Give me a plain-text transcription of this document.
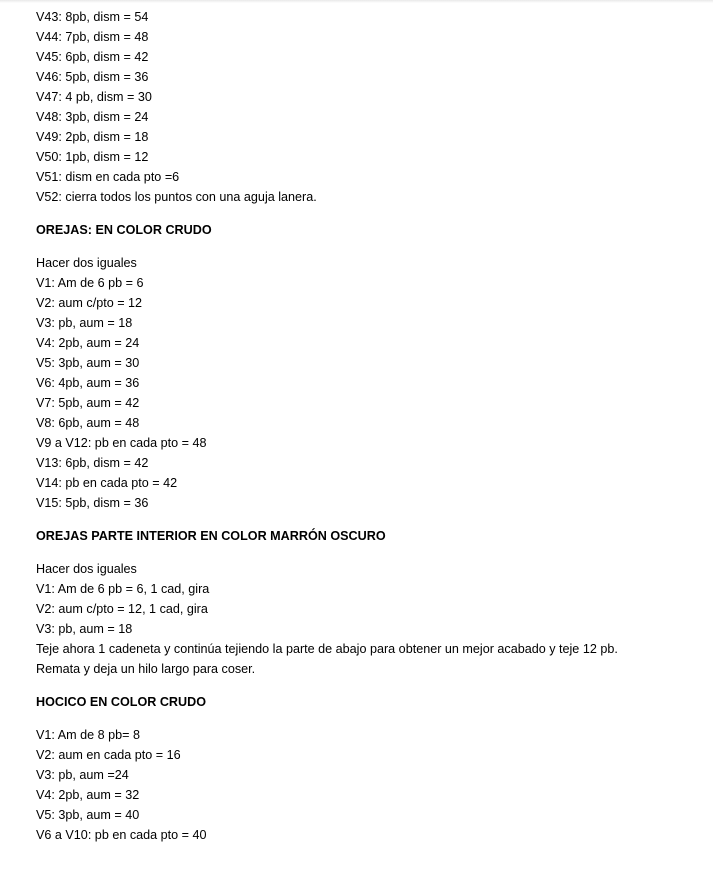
V43: 8pb, dism = 54
V44: 7pb, dism = 48
V45: 6pb, dism = 42
V46: 5pb, dism = 36
V47: 4 pb, dism = 30
V48: 3pb, dism = 24
V49: 2pb, dism = 18
V50: 1pb, dism = 12
V51: dism en cada pto =6
V52: cierra todos los puntos con una aguja lanera.
OREJAS: EN COLOR CRUDO
Hacer dos iguales
V1: Am de 6 pb = 6
V2: aum c/pto = 12
V3: pb, aum = 18
V4: 2pb, aum = 24
V5: 3pb, aum = 30
V6: 4pb, aum = 36
V7: 5pb, aum = 42
V8: 6pb, aum = 48
V9 a V12: pb en cada pto = 48
V13: 6pb, dism = 42
V14: pb en cada pto = 42
V15: 5pb, dism = 36
OREJAS PARTE INTERIOR EN COLOR MARRÓN OSCURO
Hacer dos iguales
V1: Am de 6 pb = 6, 1 cad, gira
V2: aum c/pto = 12, 1 cad, gira
V3: pb, aum = 18
Teje ahora 1 cadeneta y continúa tejiendo la parte de abajo para obtener un mejor acabado y teje 12 pb.
Remata y deja un hilo largo para coser.
HOCICO EN COLOR CRUDO
V1: Am de 8 pb= 8
V2: aum en cada pto = 16
V3: pb, aum =24
V4: 2pb, aum = 32
V5: 3pb, aum = 40
V6 a V10: pb en cada pto = 40
